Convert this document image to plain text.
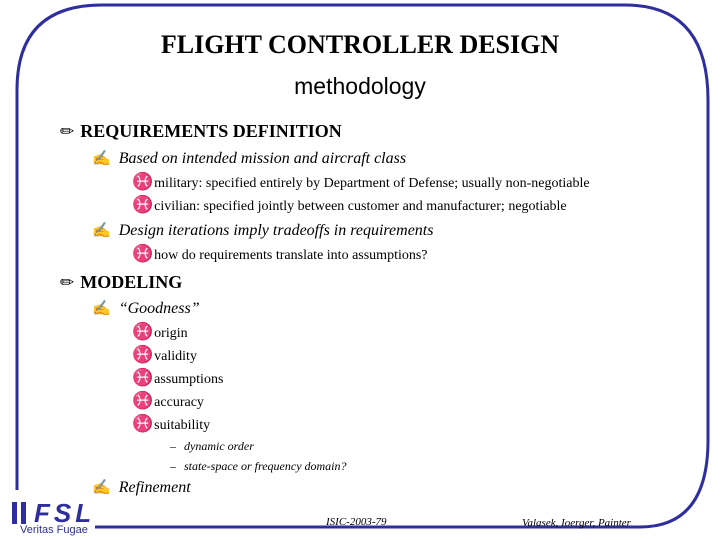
FLIGHT CONTROLLER DESIGN
methodology
✏ REQUIREMENTS DEFINITION
✍ Based on intended mission and aircraft class
♓military: specified entirely by Department of Defense; usually non-negotiable
♓civilian: specified jointly between customer and manufacturer; negotiable
✍ Design iterations imply tradeoffs in requirements
♓how do requirements translate into assumptions?
✏ MODELING
✍ “Goodness”
♓origin
♓validity
♓assumptions
♓accuracy
♓suitability
– dynamic order
– state-space or frequency domain?
✍ Refinement
FSL
Veritas Fugae
ISIC-2003-79	Valasek, Ioerger, Painter
